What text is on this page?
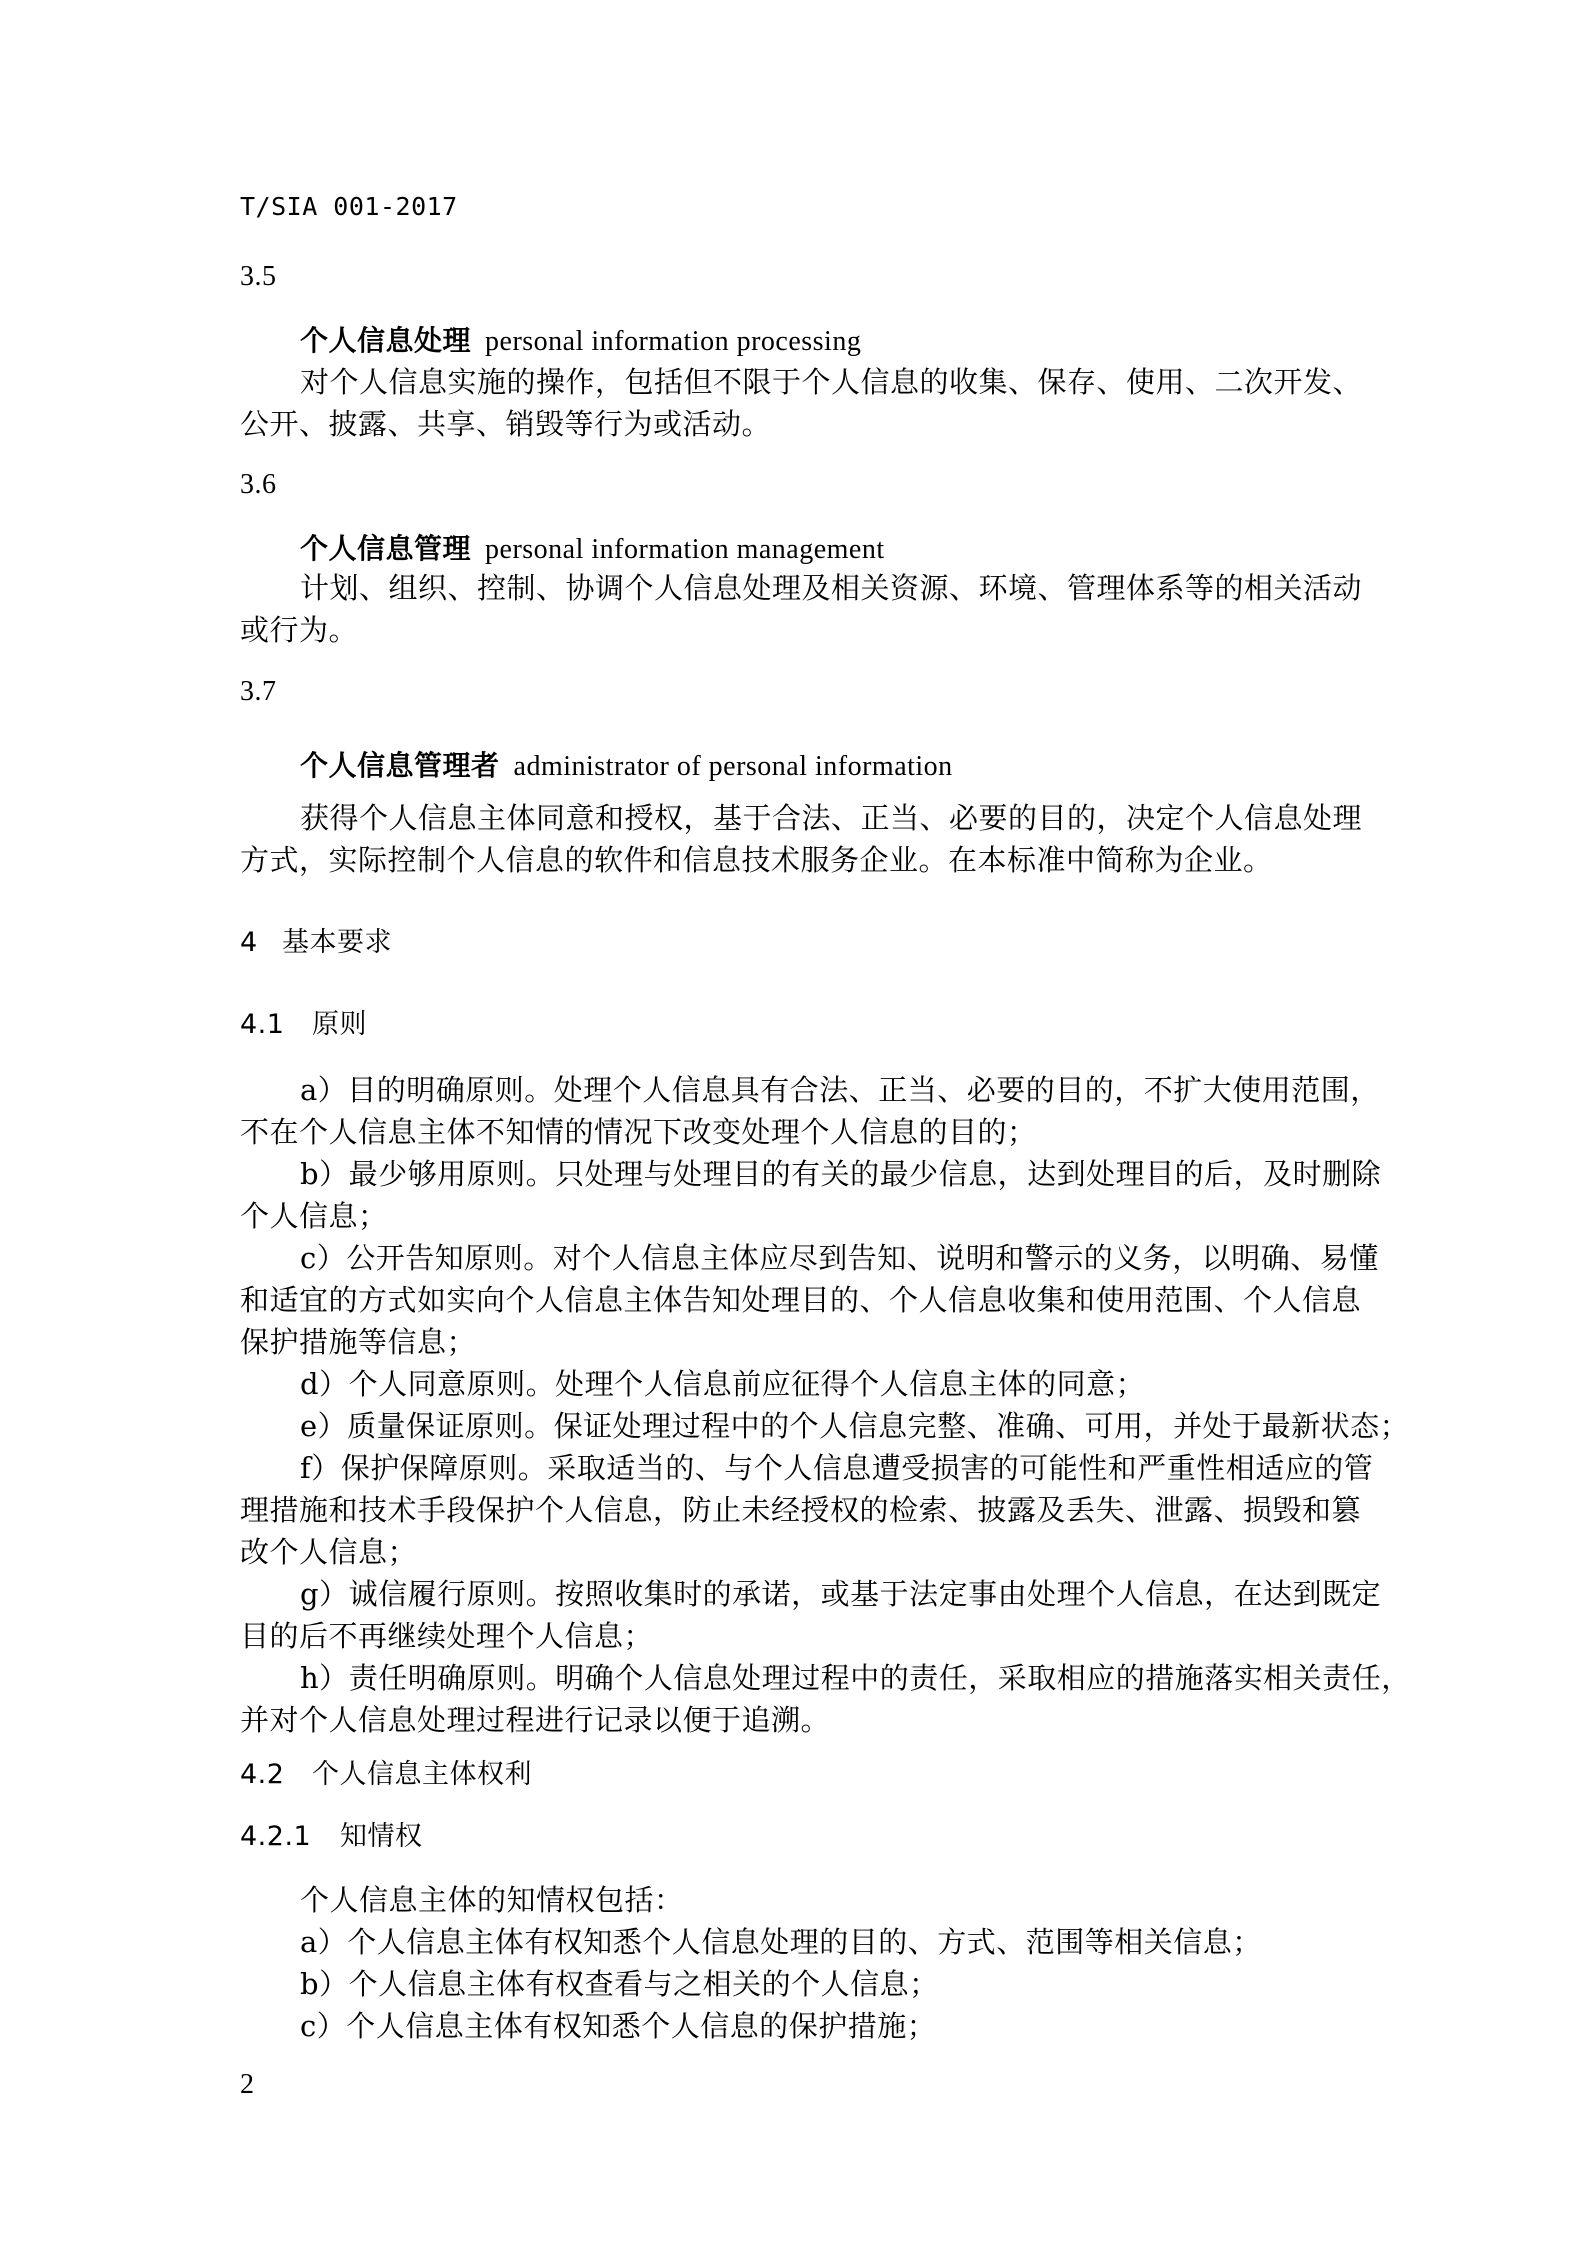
T/SIA 001-2017
3.5
个人信息处理 personal information processing
对个人信息实施的操作，包括但不限于个人信息的收集、保存、使用、二次开发、
公开、披露、共享、销毁等行为或活动。
3.6
个人信息管理 personal information management
计划、组织、控制、协调个人信息处理及相关资源、环境、管理体系等的相关活动
或行为。
3.7
个人信息管理者 administrator of personal information
获得个人信息主体同意和授权，基于合法、正当、必要的目的，决定个人信息处理
方式，实际控制个人信息的软件和信息技术服务企业。在本标准中简称为企业。
4 基本要求
4.1 原则
a）目的明确原则。处理个人信息具有合法、正当、必要的目的，不扩大使用范围，
不在个人信息主体不知情的情况下改变处理个人信息的目的；
b）最少够用原则。只处理与处理目的有关的最少信息，达到处理目的后，及时删除
个人信息；
c）公开告知原则。对个人信息主体应尽到告知、说明和警示的义务，以明确、易懂
和适宜的方式如实向个人信息主体告知处理目的、个人信息收集和使用范围、个人信息
保护措施等信息；
d）个人同意原则。处理个人信息前应征得个人信息主体的同意；
e）质量保证原则。保证处理过程中的个人信息完整、准确、可用，并处于最新状态；
f）保护保障原则。采取适当的、与个人信息遭受损害的可能性和严重性相适应的管
理措施和技术手段保护个人信息，防止未经授权的检索、披露及丢失、泄露、损毁和篡
改个人信息；
g）诚信履行原则。按照收集时的承诺，或基于法定事由处理个人信息，在达到既定
目的后不再继续处理个人信息；
h）责任明确原则。明确个人信息处理过程中的责任，采取相应的措施落实相关责任，
并对个人信息处理过程进行记录以便于追溯。
4.2 个人信息主体权利
4.2.1 知情权
个人信息主体的知情权包括：
a）个人信息主体有权知悉个人信息处理的目的、方式、范围等相关信息；
b）个人信息主体有权查看与之相关的个人信息；
c）个人信息主体有权知悉个人信息的保护措施；
2
